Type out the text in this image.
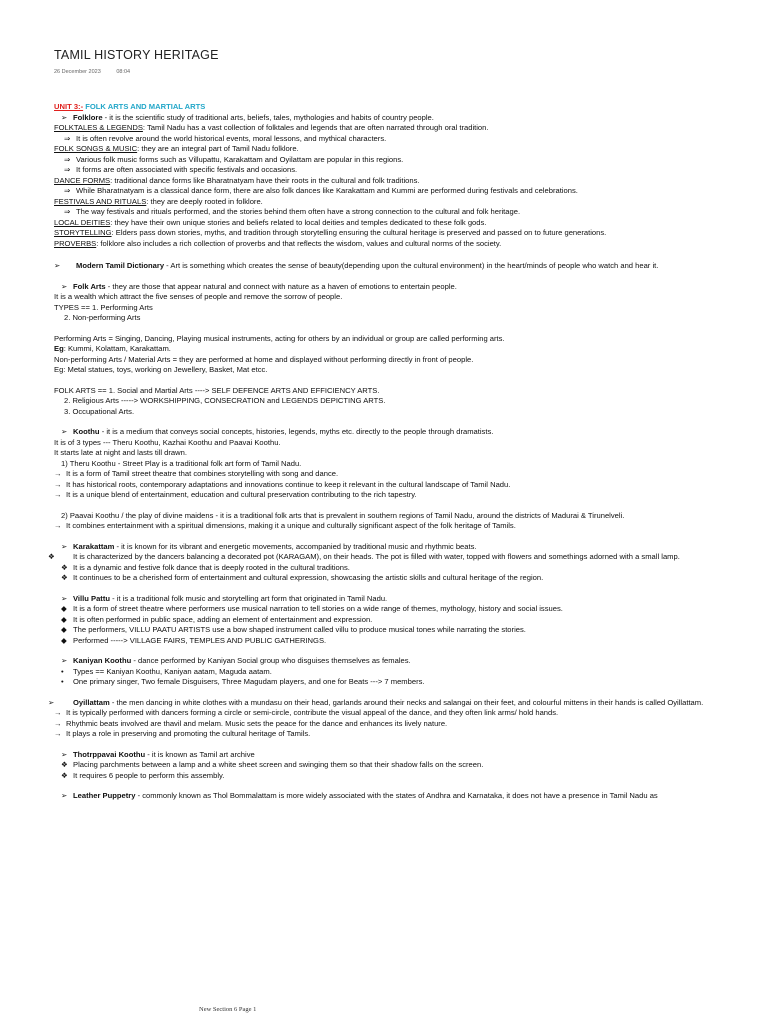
TAMIL HISTORY HERITAGE
26 December 2023	08:04
UNIT 3:- FOLK ARTS AND MARTIAL ARTS
➢ Folklore - it is the scientific study of traditional arts, beliefs, tales, mythologies and habits of country people.
FOLKTALES & LEGENDS: Tamil Nadu has a vast collection of folktales and legends that are often narrated through oral tradition.
⇒ It is often revolve around the world historical events, moral lessons, and mythical characters.
FOLK SONGS & MUSIC: they are an integral part of Tamil Nadu folklore.
⇒ Various folk music forms such as Villupattu, Karakattam and Oyilattam are popular in this regions.
⇒ It forms are often associated with specific festivals and occasions.
DANCE FORMS: traditional dance forms like Bharatnatyam have their roots in the cultural and folk traditions.
⇒ While Bharatnatyam is a classical dance form, there are also folk dances like Karakattam and Kummi are performed during festivals and celebrations.
FESTIVALS AND RITUALS: they are deeply rooted in folklore.
⇒ The way festivals and rituals performed, and the stories behind them often have a strong connection to the cultural and folk heritage.
LOCAL DEITIES: they have their own unique stories and beliefs related to local deities and temples dedicated to these folk gods.
STORYTELLING: Elders pass down stories, myths, and tradition through storytelling ensuring the cultural heritage is preserved and passed on to future generations.
PROVERBS: folklore also includes a rich collection of proverbs and that reflects the wisdom, values and cultural norms of the society.
➢ Modern Tamil Dictionary - Art is something which creates the sense of beauty(depending upon the cultural environment) in the heart/minds of people who watch and hear it.
➢ Folk Arts - they are those that appear natural and connect with nature as a haven of emotions to entertain people.
It is a wealth which attract the five senses of people and remove the sorrow of people.
TYPES == 1. Performing Arts
2. Non-performing Arts
Performing Arts = Singing, Dancing, Playing musical instruments, acting for others by an individual or group are called performing arts.
Eg: Kummi, Kolattam, Karakattam.
Non-performing Arts / Material Arts = they are performed at home and displayed without performing directly in front of people.
Eg: Metal statues, toys, working on Jewellery, Basket, Mat etcc.
FOLK ARTS == 1. Social and Martial Arts ----> SELF DEFENCE ARTS AND EFFICIENCY ARTS.
2. Religious Arts -----> WORKSHIPPING, CONSECRATION and LEGENDS DEPICTING ARTS.
3. Occupational Arts.
➢ Koothu - it is a medium that conveys social concepts, histories, legends, myths etc. directly to the people through dramatists.
It is of 3 types --- Theru Koothu, Kazhai Koothu and Paavai Koothu.
It starts late at night and lasts till drawn.
1) Theru Koothu - Street Play is a traditional folk art form of Tamil Nadu.
→ It is a form of Tamil street theatre that combines storytelling with song and dance.
→ It has historical roots, contemporary adaptations and innovations continue to keep it relevant in the cultural landscape of Tamil Nadu.
→ It is a unique blend of entertainment, education and cultural preservation contributing to the rich tapestry.
2) Paavai Koothu / the play of divine maidens - it is a traditional folk arts that is prevalent in southern regions of Tamil Nadu, around the districts of Madurai & Tirunelveli.
→ It combines entertainment with a spiritual dimensions, making it a unique and culturally significant aspect of the folk heritage of Tamils.
➢ Karakattam - it is known for its vibrant and energetic movements, accompanied by traditional music and rhythmic beats.
❖ It is characterized by the dancers balancing a decorated pot (KARAGAM), on their heads. The pot is filled with water, topped with flowers and somethings adorned with a small lamp.
❖ It is a dynamic and festive folk dance that is deeply rooted in the cultural traditions.
❖ It continues to be a cherished form of entertainment and cultural expression, showcasing the artistic skills and cultural heritage of the region.
➢ Villu Pattu - it is a traditional folk music and storytelling art form that originated in Tamil Nadu.
◆ It is a form of street theatre where performers use musical narration to tell stories on a wide range of themes, mythology, history and social issues.
◆ It is often performed in public space, adding an element of entertainment and expression.
◆ The performers, VILLU PAATU ARTISTS use a bow shaped instrument called villu to produce musical tones while narrating the stories.
◆ Performed -----> VILLAGE FAIRS, TEMPLES AND PUBLIC GATHERINGS.
➢ Kaniyan Koothu - dance performed by Kaniyan Social group who disguises themselves as females.
• Types == Kaniyan Koothu, Kaniyan aatam, Maguda aatam.
• One primary singer, Two female Disguisers, Three Magudam players, and one for Beats ---> 7 members.
➢ Oyillattam - the men dancing in white clothes with a mundasu on their head, garlands around their necks and salangai on their feet, and colourful mittens in their hands is called Oyillattam.
→ It is typically performed with dancers forming a circle or semi-circle, contribute the visual appeal of the dance, and they often link arms/ hold hands.
→ Rhythmic beats involved are thavil and melam. Music sets the peace for the dance and enhances its lively nature.
→ It plays a role in preserving and promoting the cultural heritage of Tamils.
➢ Thotrppavai Koothu - it is known as Tamil art archive
❖ Placing parchments between a lamp and a white sheet screen and swinging them so that their shadow falls on the screen.
❖ It requires 6 people to perform this assembly.
➢ Leather Puppetry - commonly known as Thol Bommalattam is more widely associated with the states of Andhra and Karnataka, it does not have a presence in Tamil Nadu as
New Section 6 Page 1
